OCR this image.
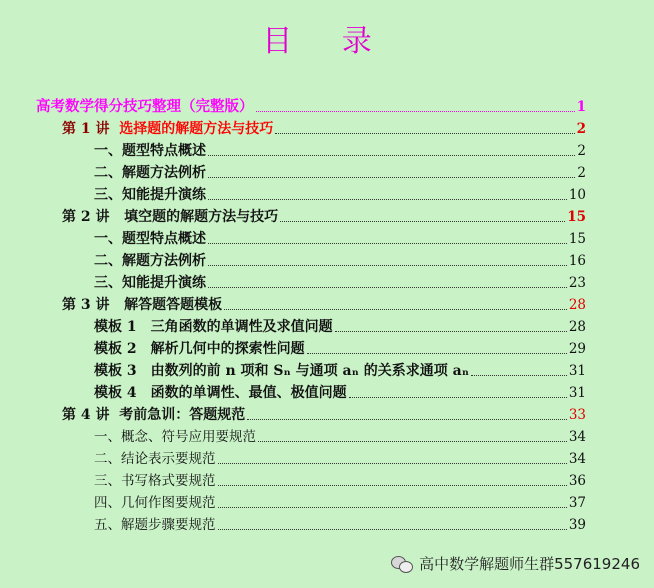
目 录
高考数学得分技巧整理（完整版）	1
第 1 讲 选择题的解题方法与技巧	2
一、题型特点概述	2
二、解题方法例析	2
三、知能提升演练	10
第 2 讲 填空题的解题方法与技巧	15
一、题型特点概述	15
二、解题方法例析	16
三、知能提升演练	23
第 3 讲 解答题答题模板	28
模板 1 三角函数的单调性及求值问题	28
模板 2 解析几何中的探索性问题	29
模板 3 由数列的前 n 项和 Sₙ 与通项 aₙ 的关系求通项 aₙ	31
模板 4 函数的单调性、最值、极值问题	31
第 4 讲 考前急训：答题规范	33
一、概念、符号应用要规范	34
二、结论表示要规范	34
三、书写格式要规范	36
四、几何作图要规范	37
五、解题步骤要规范	39
高中数学解题师生群557619246
